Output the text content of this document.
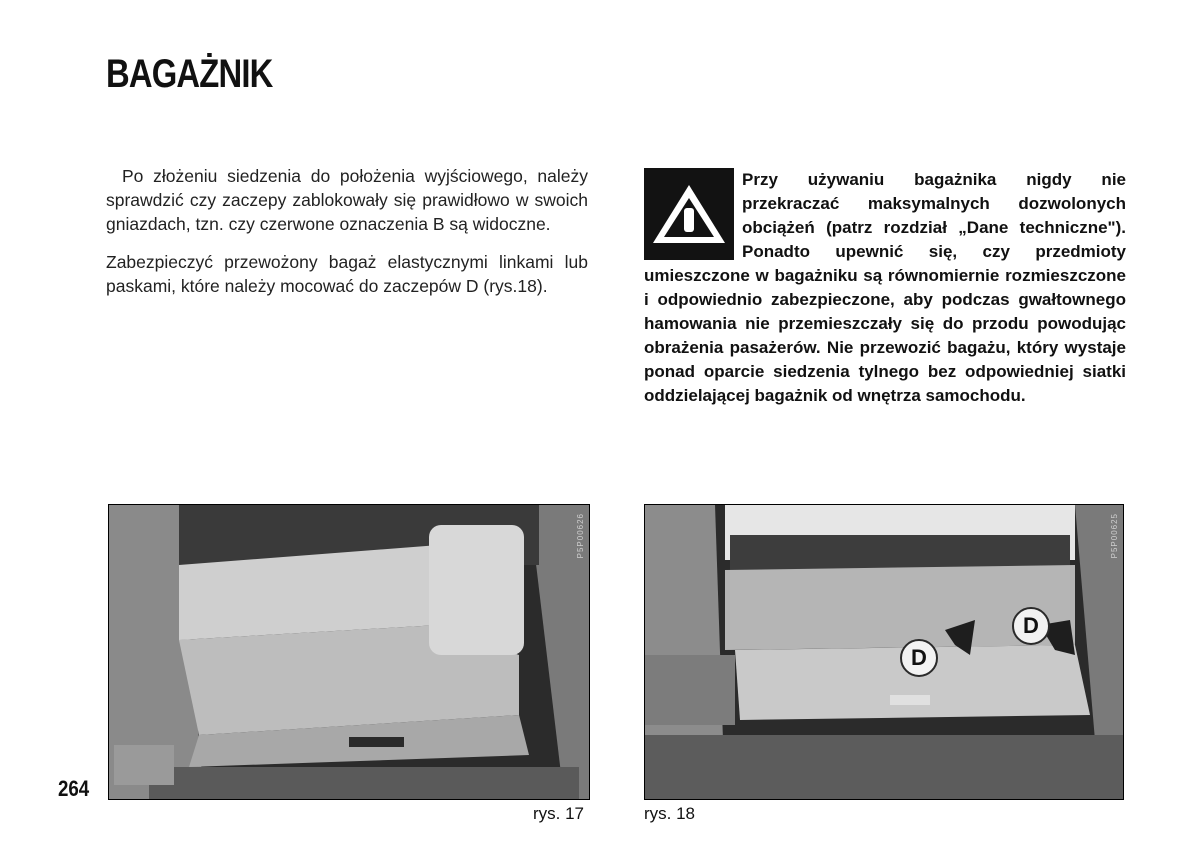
BAGAŻNIK

Po złożeniu siedzenia do położenia wyjściowego, należy sprawdzić czy zaczepy zablokowały się prawidłowo w swoich gniazdach, tzn. czy czerwone oznaczenia B są widoczne.

Zabezpieczyć przewożony bagaż elastycznymi linkami lub paskami, które należy mocować do zaczepów D (rys.18).

Przy używaniu bagażnika nigdy nie przekraczać maksymalnych dozwolonych obciążeń (patrz rozdział „Dane techniczne"). Ponadto upewnić się, czy przedmioty umieszczone w bagażniku są równomiernie rozmieszczone i odpowiednio zabezpieczone, aby podczas gwałtownego hamowania nie przemieszczały się do przodu powodując obrażenia pasażerów. Nie przewozić bagażu, który wystaje ponad oparcie siedzenia tylnego bez odpowiedniej siatki oddzielającej bagażnik od wnętrza samochodu.
P5P00626
D
D
P5P00625
rys. 17	rys. 18
264
